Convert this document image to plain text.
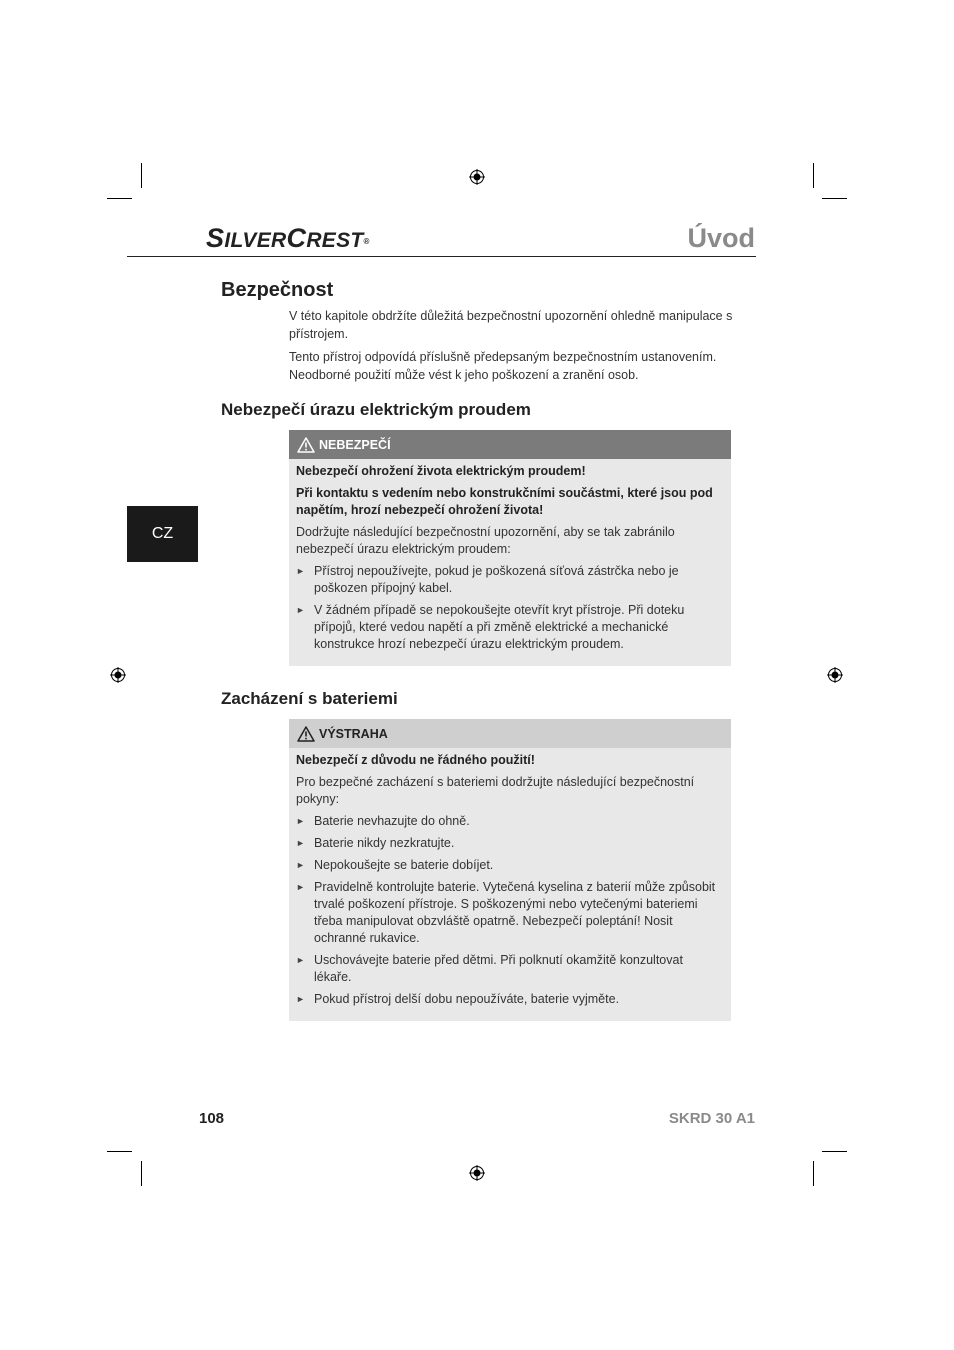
SILVERCREST®	Úvod
CZ
Bezpečnost

V této kapitole obdržíte důležitá bezpečnostní upozornění ohledně manipulace s přístrojem.

Tento přístroj odpovídá příslušně předepsaným bezpečnostním ustanovením. Neodborné použití může vést k jeho poškození a zranění osob.

Nebezpečí úrazu elektrickým proudem
NEBEZPEČÍ

Nebezpečí ohrožení života elektrickým proudem!

Při kontaktu s vedením nebo konstrukčními součástmi, které jsou pod napětím, hrozí nebezpečí ohrožení života!

Dodržujte následující bezpečnostní upozornění, aby se tak zabránilo nebezpečí úrazu elektrickým proudem:

► Přístroj nepoužívejte, pokud je poškozená síťová zástrčka nebo je poškozen přípojný kabel.
► V žádném případě se nepokoušejte otevřít kryt přístroje. Při doteku přípojů, které vedou napětí a při změně elektrické a mechanické konstrukce hrozí nebezpečí úrazu elektrickým proudem.
Zacházení s bateriemi
VÝSTRAHA

Nebezpečí z důvodu ne řádného použití!

Pro bezpečné zacházení s bateriemi dodržujte následující bezpečnostní pokyny:

► Baterie nevhazujte do ohně.
► Baterie nikdy nezkratujte.
► Nepokoušejte se baterie dobíjet.
► Pravidelně kontrolujte baterie. Vytečená kyselina z baterií může způsobit trvalé poškození přístroje. S poškozenými nebo vytečenými bateriemi třeba manipulovat obzvláště opatrně. Nebezpečí poleptání! Nosit ochranné rukavice.
► Uschovávejte baterie před dětmi. Při polknutí okamžitě konzultovat lékaře.
► Pokud přístroj delší dobu nepoužíváte, baterie vyjměte.
108	SKRD 30 A1
